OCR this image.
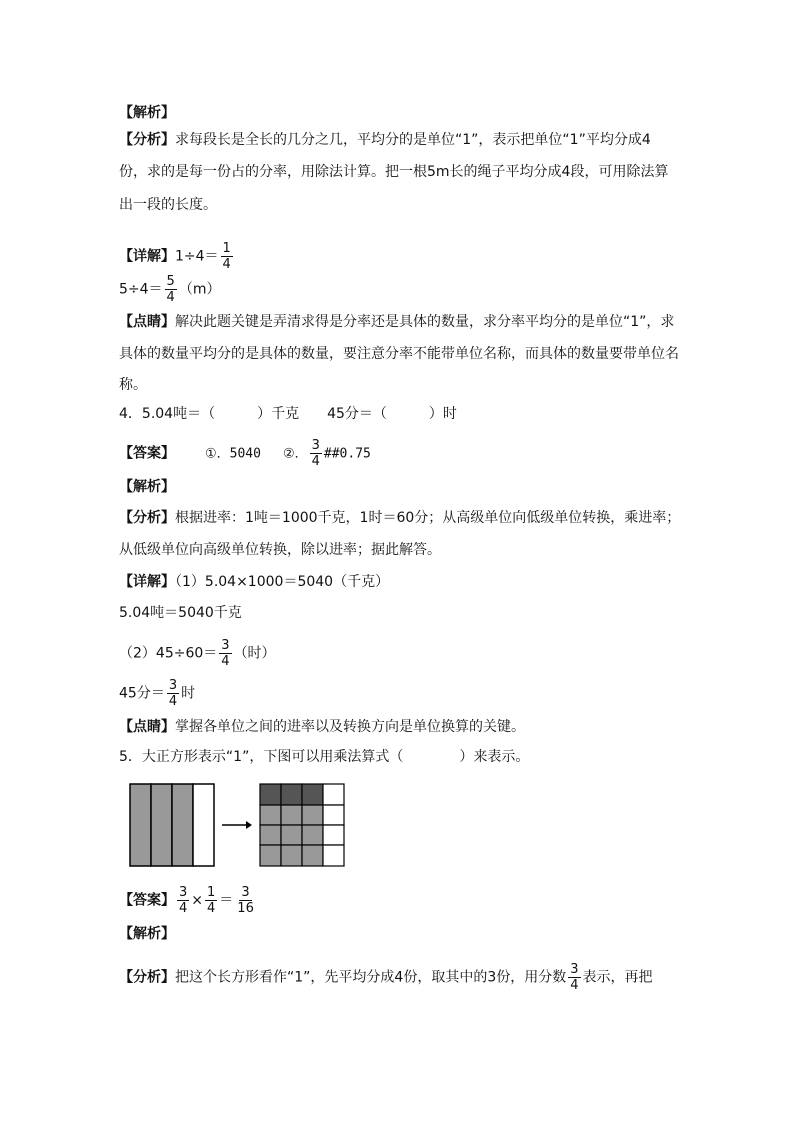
【解析】
【分析】求每段长是全长的几分之几，平均分的是单位“1”，表示把单位“1”平均分成4
份，求的是每一份占的分率，用除法计算。把一根5m长的绳子平均分成4段，可用除法算
出一段的长度。
【详解】$1\div 4= \frac{1}{4}$
$5\div 4= \frac{5}{4} (m)$
【点睛】解决此题关键是弄清求得是分率还是具体的数量，求分率平均分的是单位“1”，求
具体的数量平均分的是具体的数量，要注意分率不能带单位名称，而具体的数量要带单位名
称。
4．5.04吨＝（　　　）千克　　45分＝（　　　）时
【答案】 ①．5040 ②． $\frac{3}{4}$ ##0.75
【解析】
【分析】根据进率：1吨＝1000千克，1时＝60分；从高级单位向低级单位转换，乘进率；
从低级单位向高级单位转换，除以进率；据此解答。
【详解】（1）5.04×1000＝5040（千克）
5.04吨＝5040千克
$(2)45\div 60= \frac{3}{4}$ （时）
45分＝ $\frac{3}{4}$ 时
【点睛】掌握各单位之间的进率以及转换方向是单位换算的关键。
5．大正方形表示“1”，下图可以用乘法算式（　　　　）来表示。
【答案】 $\frac{3}{4} \times \frac{1}{4} = \frac{3}{16}$
【解析】
【分析】把这个长方形看作“1”，先平均分成4份，取其中的3份，用分数 $\frac{3}{4}$ 表示，再把
